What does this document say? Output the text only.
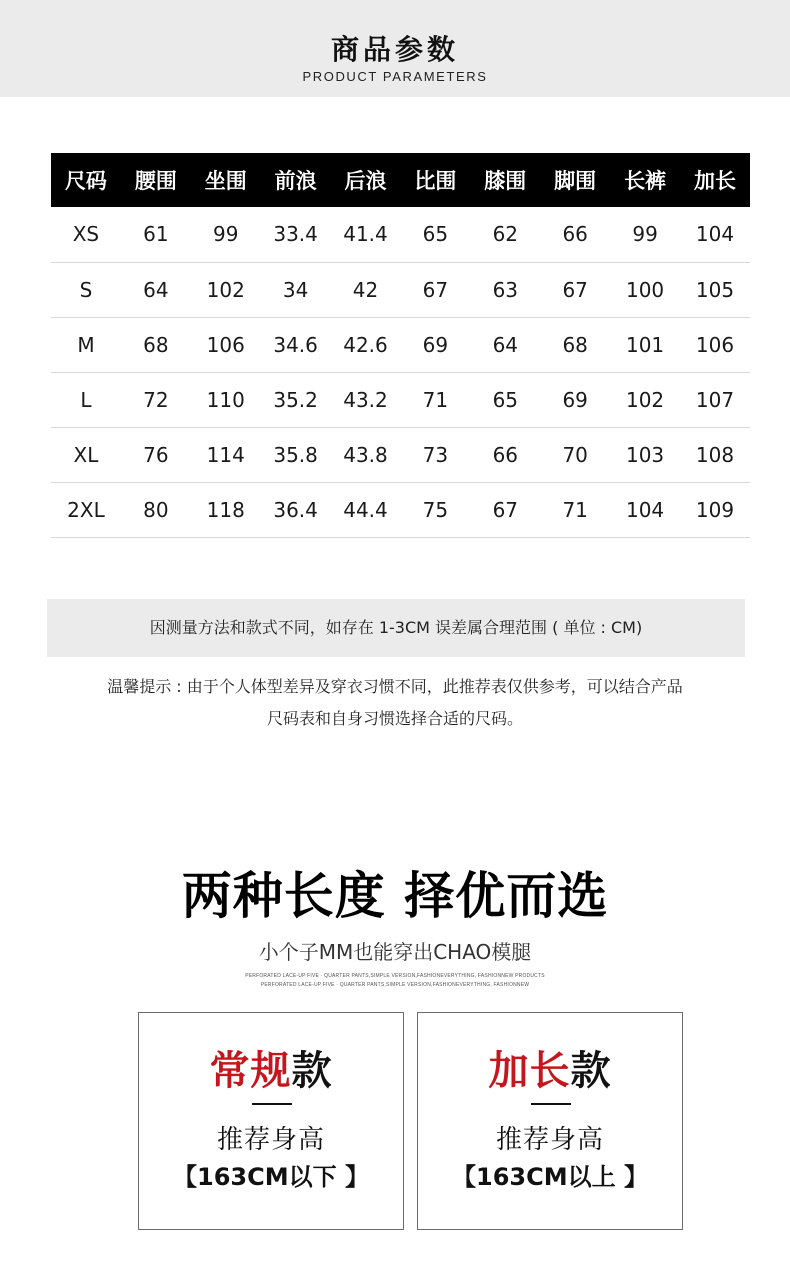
商品参数
PRODUCT PARAMETERS
尺码	腰围	坐围	前浪	后浪	比围	膝围	脚围	长裤	加长
XS	61	99	33.4	41.4	65	62	66	99	104
S	64	102	34	42	67	63	67	100	105
M	68	106	34.6	42.6	69	64	68	101	106
L	72	110	35.2	43.2	71	65	69	102	107
XL	76	114	35.8	43.8	73	66	70	103	108
2XL	80	118	36.4	44.4	75	67	71	104	109
因测量方法和款式不同，如存在 1-3CM 误差属合理范围 ( 单位 : CM)
温馨提示 : 由于个人体型差异及穿衣习惯不同，此推荐表仅供参考，可以结合产品
尺码表和自身习惯选择合适的尺码。
两种长度 择优而选
小个子MM也能穿出CHAO模腿
PERFORATED LACE-UP FIVE · QUARTER PANTS,SIMPLE VERSION,FASHIONEVERYTHING, FASHIONNEW PRODUCTS
PERFORATED LACE-UP FIVE · QUARTER PANTS,SIMPLE VERSION,FASHIONEVERYTHING, FASHIONNEW
常规款
推荐身高
【163CM以下 】
加长款
推荐身高
【163CM以上 】
